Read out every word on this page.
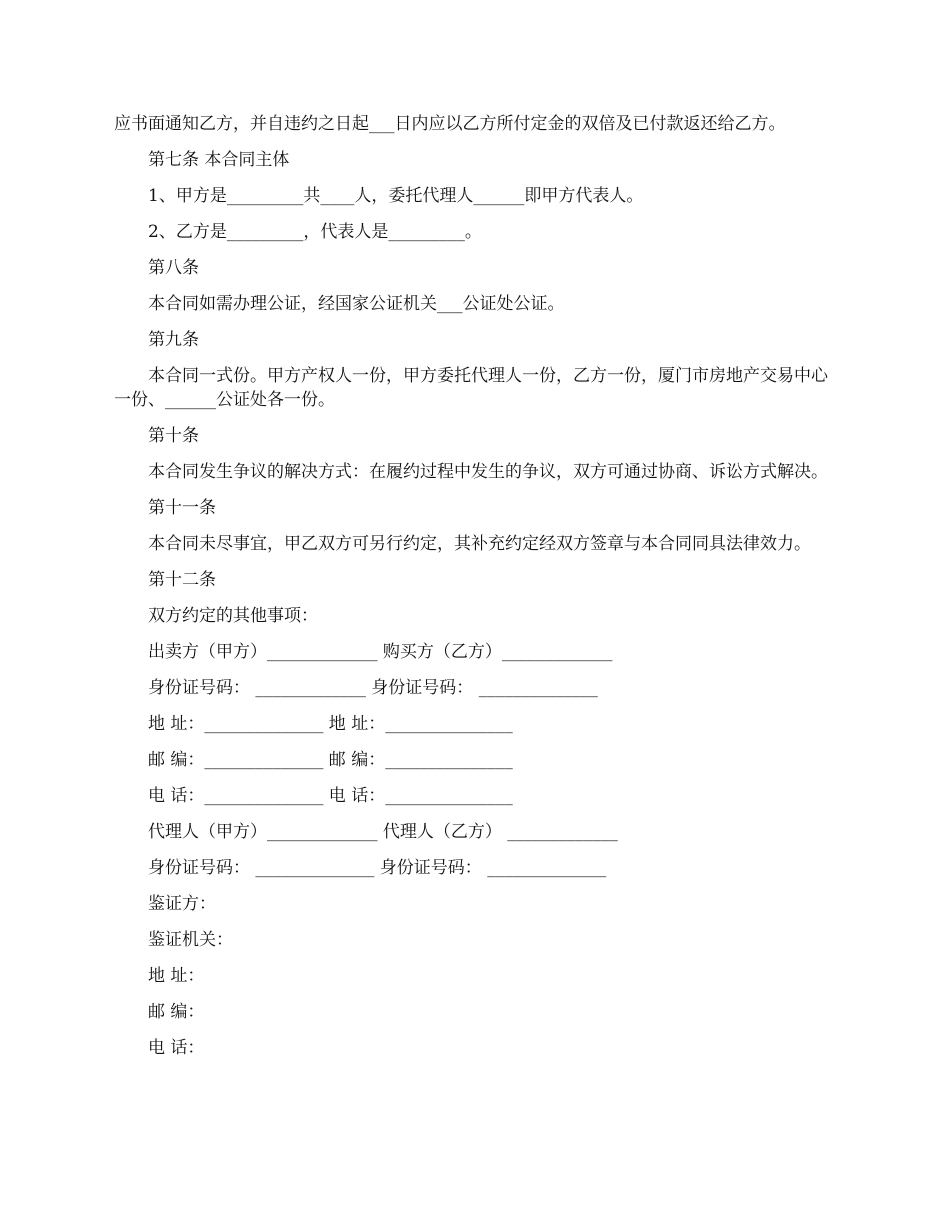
应书面通知乙方，并自违约之日起___日内应以乙方所付定金的双倍及已付款返还给乙方。

第七条 本合同主体

1、甲方是_________共____人，委托代理人______即甲方代表人。

2、乙方是_________，代表人是_________。

第八条

本合同如需办理公证，经国家公证机关___公证处公证。

第九条

本合同一式份。甲方产权人一份，甲方委托代理人一份，乙方一份，厦门市房地产交易中心一份、______公证处各一份。

第十条

本合同发生争议的解决方式：在履约过程中发生的争议，双方可通过协商、诉讼方式解决。

第十一条

本合同未尽事宜，甲乙双方可另行约定，其补充约定经双方签章与本合同同具法律效力。

第十二条

双方约定的其他事项：

出卖方（甲方）_____________ 购买方（乙方）_____________

身份证号码： _____________ 身份证号码： ______________

地 址：______________ 地 址：_______________

邮 编：______________ 邮 编：_______________

电 话：______________ 电 话：_______________

代理人（甲方）_____________ 代理人（乙方） _____________

身份证号码： ______________ 身份证号码： ______________

鉴证方：

鉴证机关：

地 址：

邮 编：

电 话：
